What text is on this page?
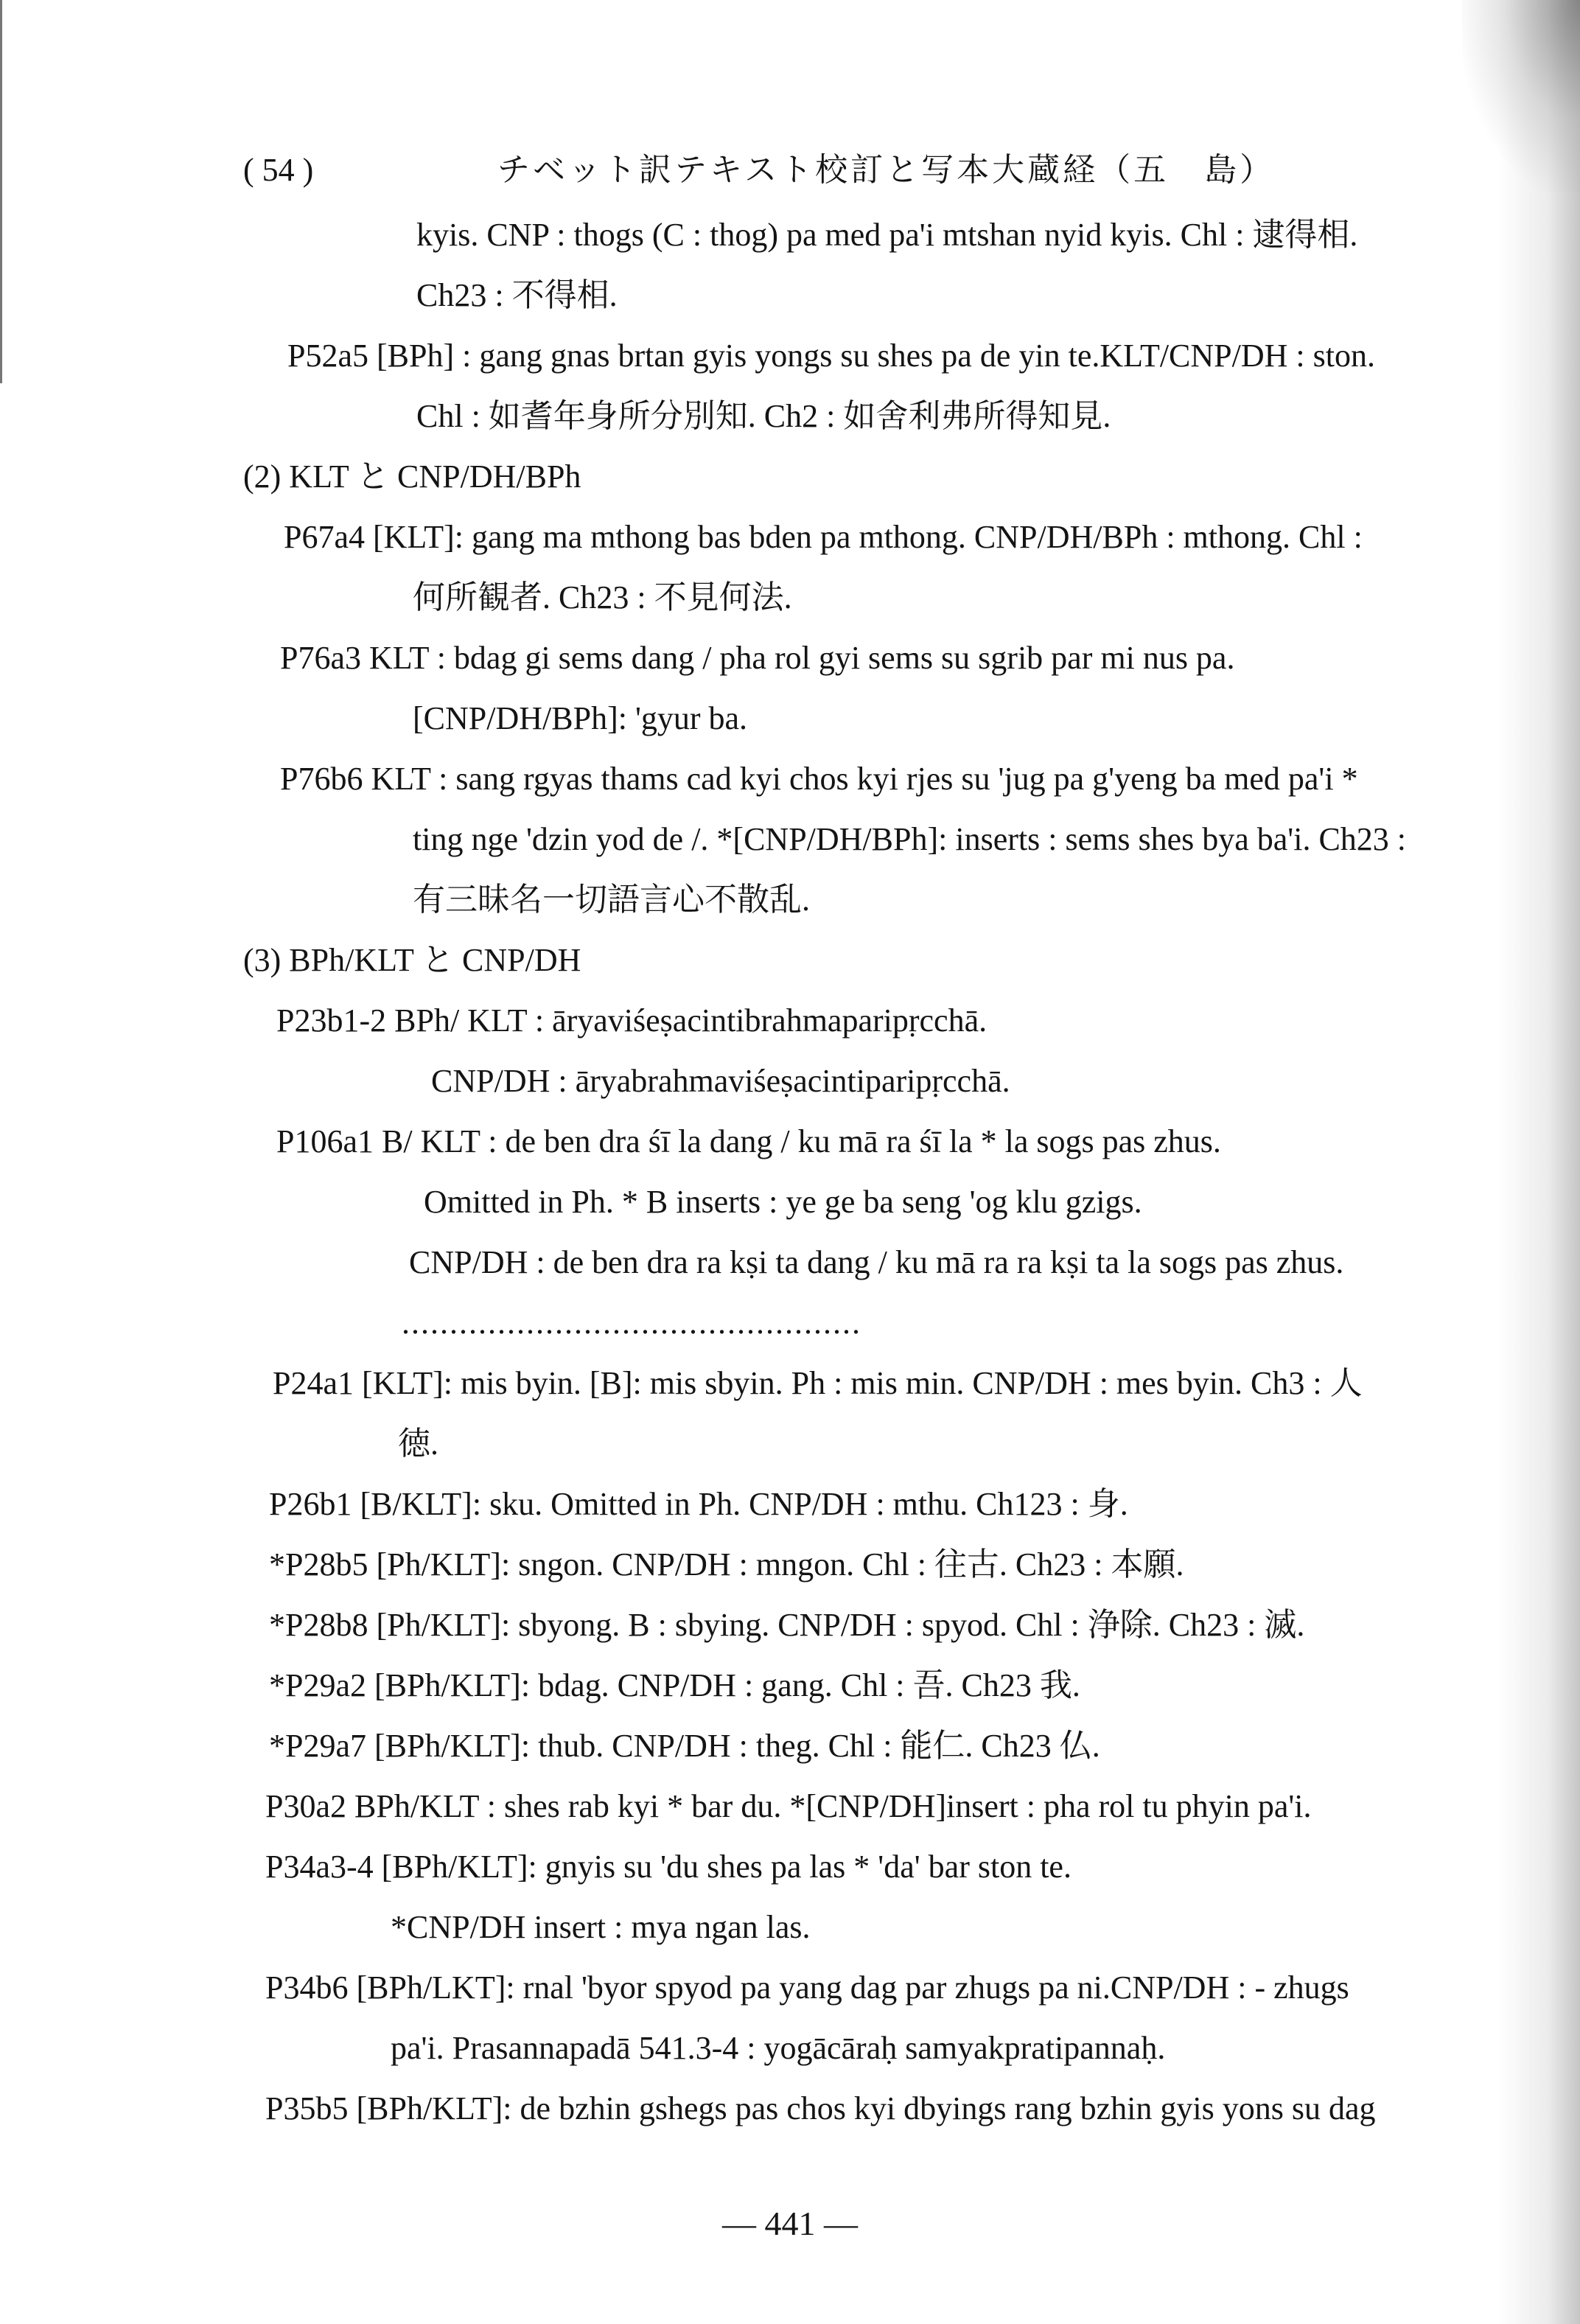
( 54 )	チベット訳テキスト校訂と写本大蔵経（五　島）
kyis. CNP : thogs (C : thog) pa med pa'i mtshan nyid kyis. Chl : 逮得相.
Ch23 : 不得相.
P52a5 [BPh] : gang gnas brtan gyis yongs su shes pa de yin te.KLT/CNP/DH : ston.
Chl : 如耆年身所分別知. Ch2 : 如舍利弗所得知見.
(2) KLT と CNP/DH/BPh
P67a4 [KLT]: gang ma mthong bas bden pa mthong. CNP/DH/BPh : mthong. Chl :
何所観者. Ch23 : 不見何法.
P76a3 KLT : bdag gi sems dang / pha rol gyi sems su sgrib par mi nus pa.
[CNP/DH/BPh]: 'gyur ba.
P76b6 KLT : sang rgyas thams cad kyi chos kyi rjes su 'jug pa g'yeng ba med pa'i *
ting nge 'dzin yod de /. *[CNP/DH/BPh]: inserts : sems shes bya ba'i. Ch23 :
有三昧名一切語言心不散乱.
(3) BPh/KLT と CNP/DH
P23b1-2 BPh/ KLT : āryaviśeṣacintibrahmaparipṛcchā.
CNP/DH : āryabrahmaviśeṣacintiparipṛcchā.
P106a1 B/ KLT : de ben dra śī la dang / ku mā ra śī la * la sogs pas zhus.
Omitted in Ph. * B inserts : ye ge ba seng 'og klu gzigs.
CNP/DH : de ben dra ra kṣi ta dang / ku mā ra ra kṣi ta la sogs pas zhus.
................................................
P24a1 [KLT]: mis byin. [B]: mis sbyin. Ph : mis min. CNP/DH : mes byin. Ch3 : 人
徳.
P26b1 [B/KLT]: sku. Omitted in Ph. CNP/DH : mthu. Ch123 : 身.
*P28b5 [Ph/KLT]: sngon. CNP/DH : mngon. Chl : 往古. Ch23 : 本願.
*P28b8 [Ph/KLT]: sbyong. B : sbying. CNP/DH : spyod. Chl : 浄除. Ch23 : 滅.
*P29a2 [BPh/KLT]: bdag. CNP/DH : gang. Chl : 吾. Ch23 我.
*P29a7 [BPh/KLT]: thub. CNP/DH : theg. Chl : 能仁. Ch23 仏.
P30a2 BPh/KLT : shes rab kyi * bar du. *[CNP/DH]insert : pha rol tu phyin pa'i.
P34a3-4 [BPh/KLT]: gnyis su 'du shes pa las * 'da' bar ston te.
*CNP/DH insert : mya ngan las.
P34b6 [BPh/LKT]: rnal 'byor spyod pa yang dag par zhugs pa ni.CNP/DH : - zhugs
pa'i. Prasannapadā 541.3-4 : yogācāraḥ samyakpratipannaḥ.
P35b5 [BPh/KLT]: de bzhin gshegs pas chos kyi dbyings rang bzhin gyis yons su dag
— 441 —
